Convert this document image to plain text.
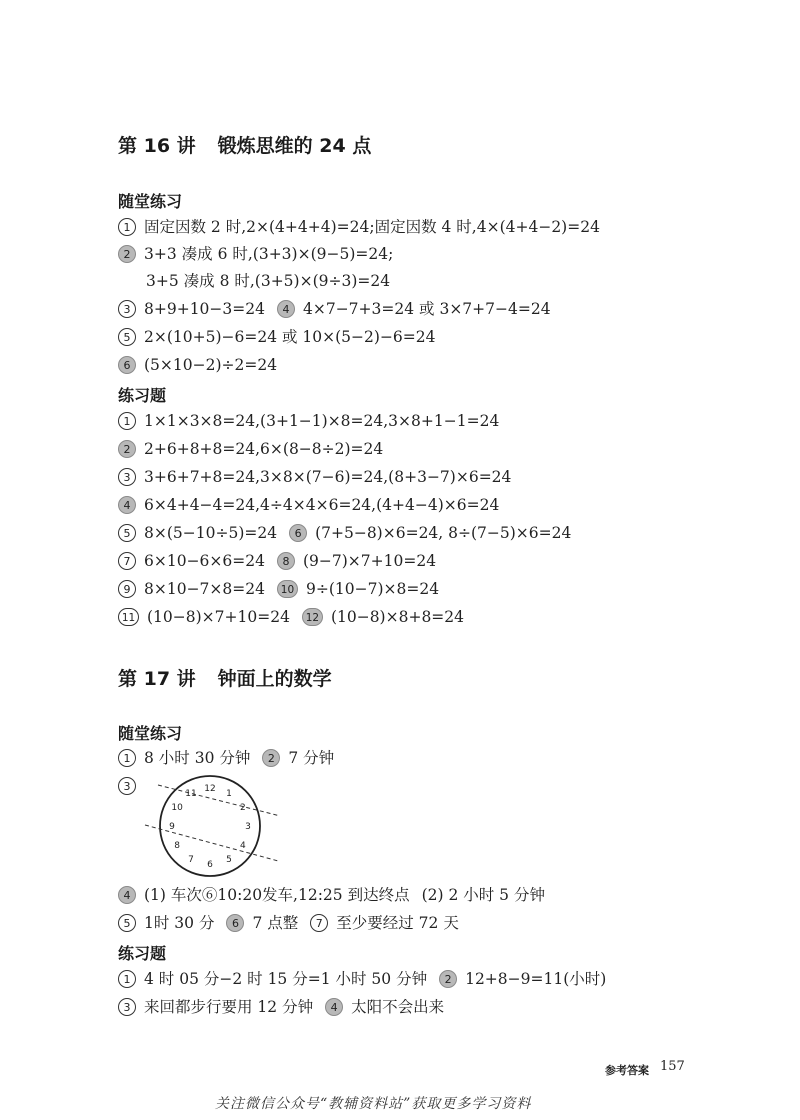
第 16 讲 锻炼思维的 24 点
随堂练习
1 固定因数 2 时,2×(4+4+4)=24;固定因数 4 时,4×(4+4−2)=24
2 3+3 凑成 6 时,(3+3)×(9−5)=24;
3+5 凑成 8 时,(3+5)×(9÷3)=24
3 8+9+10−3=24 4 4×7−7+3=24 或 3×7+7−4=24
5 2×(10+5)−6=24 或 10×(5−2)−6=24
6 (5×10−2)÷2=24
练习题
1 1×1×3×8=24,(3+1−1)×8=24,3×8+1−1=24
2 2+6+8+8=24,6×(8−8÷2)=24
3 3+6+7+8=24,3×8×(7−6)=24,(8+3−7)×6=24
4 6×4+4−4=24,4÷4×4×6=24,(4+4−4)×6=24
5 8×(5−10÷5)=24 6 (7+5−8)×6=24, 8÷(7−5)×6=24
7 6×10−6×6=24 8 (9−7)×7+10=24
9 8×10−7×8=24 10 9÷(10−7)×8=24
11 (10−8)×7+10=24 12 (10−8)×8+8=24
第 17 讲 钟面上的数学
随堂练习
1 8 小时 30 分钟 2 7 分钟
3	12
1
2
3
4
5
6
7
8
9
10
11
4 (1) 车次⑥10:20发车,12:25 到达终点 (2) 2 小时 5 分钟
5 1时 30 分 6 7 点整 7 至少要经过 72 天
练习题
1 4 时 05 分−2 时 15 分=1 小时 50 分钟 2 12+8−9=11(小时)
3 来回都步行要用 12 分钟 4 太阳不会出来
参考答案 157
关注微信公众号“教辅资料站”获取更多学习资料
